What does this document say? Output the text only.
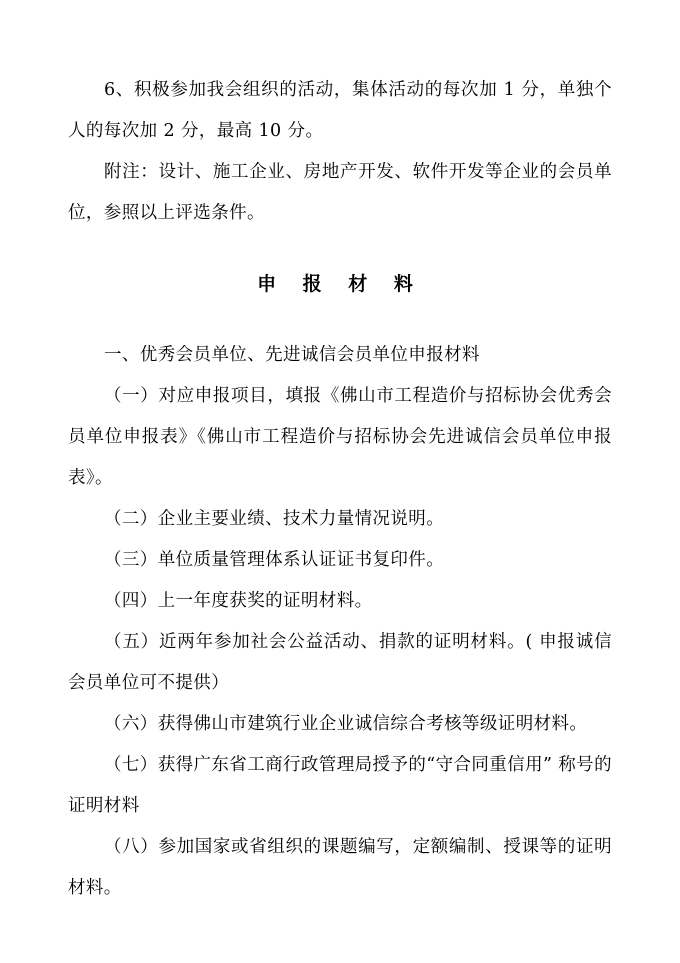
6、积极参加我会组织的活动，集体活动的每次加 1 分，单独个人的每次加 2 分，最高 10 分。

附注：设计、施工企业、房地产开发、软件开发等企业的会员单位，参照以上评选条件。

申 报 材 料

一、优秀会员单位、先进诚信会员单位申报材料

（一）对应申报项目，填报《佛山市工程造价与招标协会优秀会员单位申报表》《佛山市工程造价与招标协会先进诚信会员单位申报表》。

（二）企业主要业绩、技术力量情况说明。

（三）单位质量管理体系认证证书复印件。

（四）上一年度获奖的证明材料。

（五）近两年参加社会公益活动、捐款的证明材料。( 申报诚信会员单位可不提供）

（六）获得佛山市建筑行业企业诚信综合考核等级证明材料。

（七）获得广东省工商行政管理局授予的“守合同重信用” 称号的证明材料

（八）参加国家或省组织的课题编写，定额编制、授课等的证明材料。
